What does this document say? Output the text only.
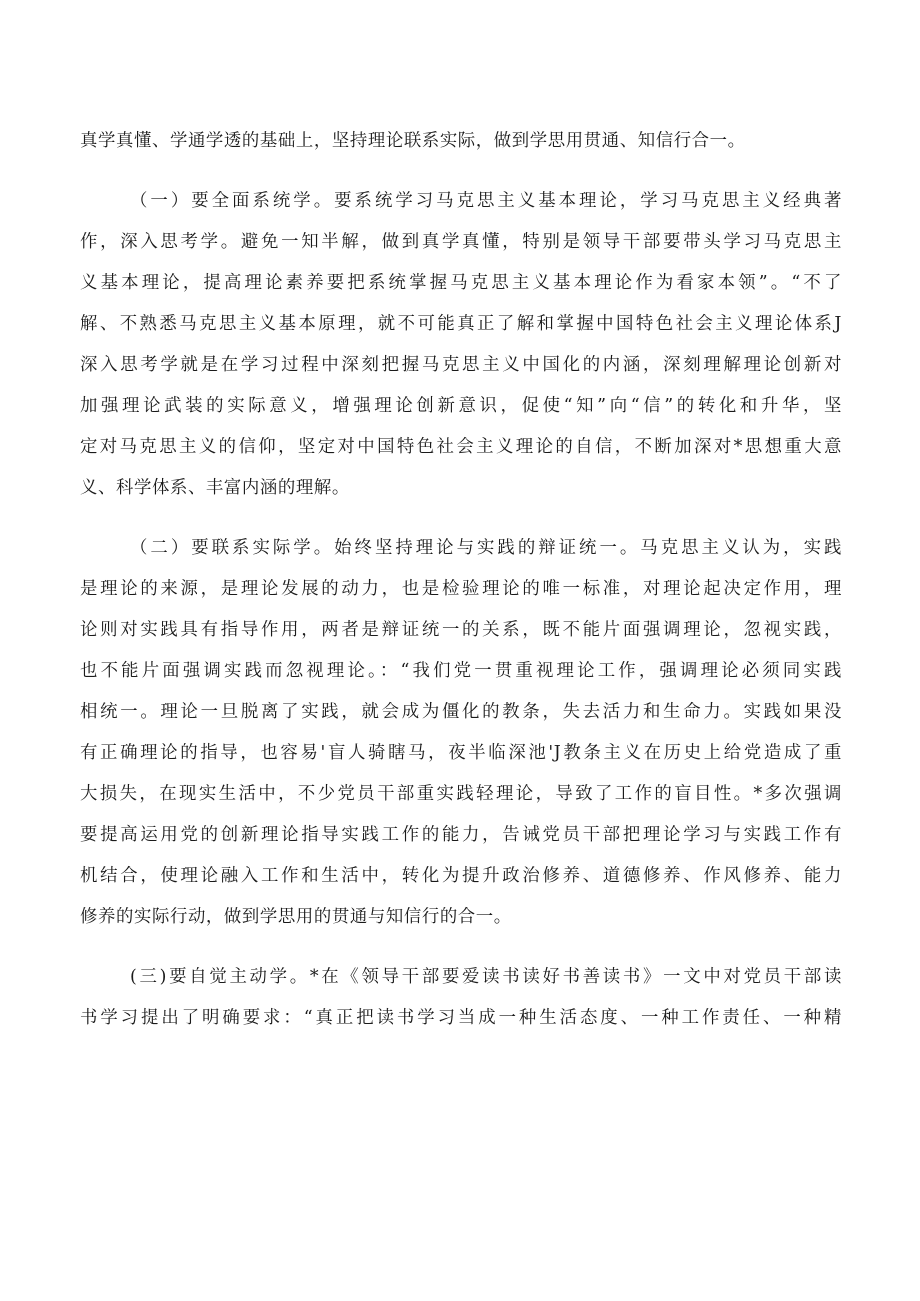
真学真懂、学通学透的基础上，坚持理论联系实际，做到学思用贯通、知信行合一。
（一）要全面系统学。要系统学习马克思主义基本理论，学习马克思主义经典著
作，深入思考学。避免一知半解，做到真学真懂，特别是领导干部要带头学习马克思主
义基本理论，提高理论素养要把系统掌握马克思主义基本理论作为看家本领”。“不了
解、不熟悉马克思主义基本原理，就不可能真正了解和掌握中国特色社会主义理论体系J
深入思考学就是在学习过程中深刻把握马克思主义中国化的内涵，深刻理解理论创新对
加强理论武装的实际意义，增强理论创新意识，促使“知”向“信”的转化和升华，坚
定对马克思主义的信仰，坚定对中国特色社会主义理论的自信，不断加深对*思想重大意
义、科学体系、丰富内涵的理解。
（二）要联系实际学。始终坚持理论与实践的辩证统一。马克思主义认为，实践
是理论的来源，是理论发展的动力，也是检验理论的唯一标准，对理论起决定作用，理
论则对实践具有指导作用，两者是辩证统一的关系，既不能片面强调理论，忽视实践，
也不能片面强调实践而忽视理论。：“我们党一贯重视理论工作，强调理论必须同实践
相统一。理论一旦脱离了实践，就会成为僵化的教条，失去活力和生命力。实践如果没
有正确理论的指导，也容易'盲人骑瞎马，夜半临深池'J教条主义在历史上给党造成了重
大损失，在现实生活中，不少党员干部重实践轻理论，导致了工作的盲目性。*多次强调
要提高运用党的创新理论指导实践工作的能力，告诫党员干部把理论学习与实践工作有
机结合，使理论融入工作和生活中，转化为提升政治修养、道德修养、作风修养、能力
修养的实际行动，做到学思用的贯通与知信行的合一。
(三)要自觉主动学。*在《领导干部要爱读书读好书善读书》一文中对党员干部读
书学习提出了明确要求：“真正把读书学习当成一种生活态度、一种工作责任、一种精
